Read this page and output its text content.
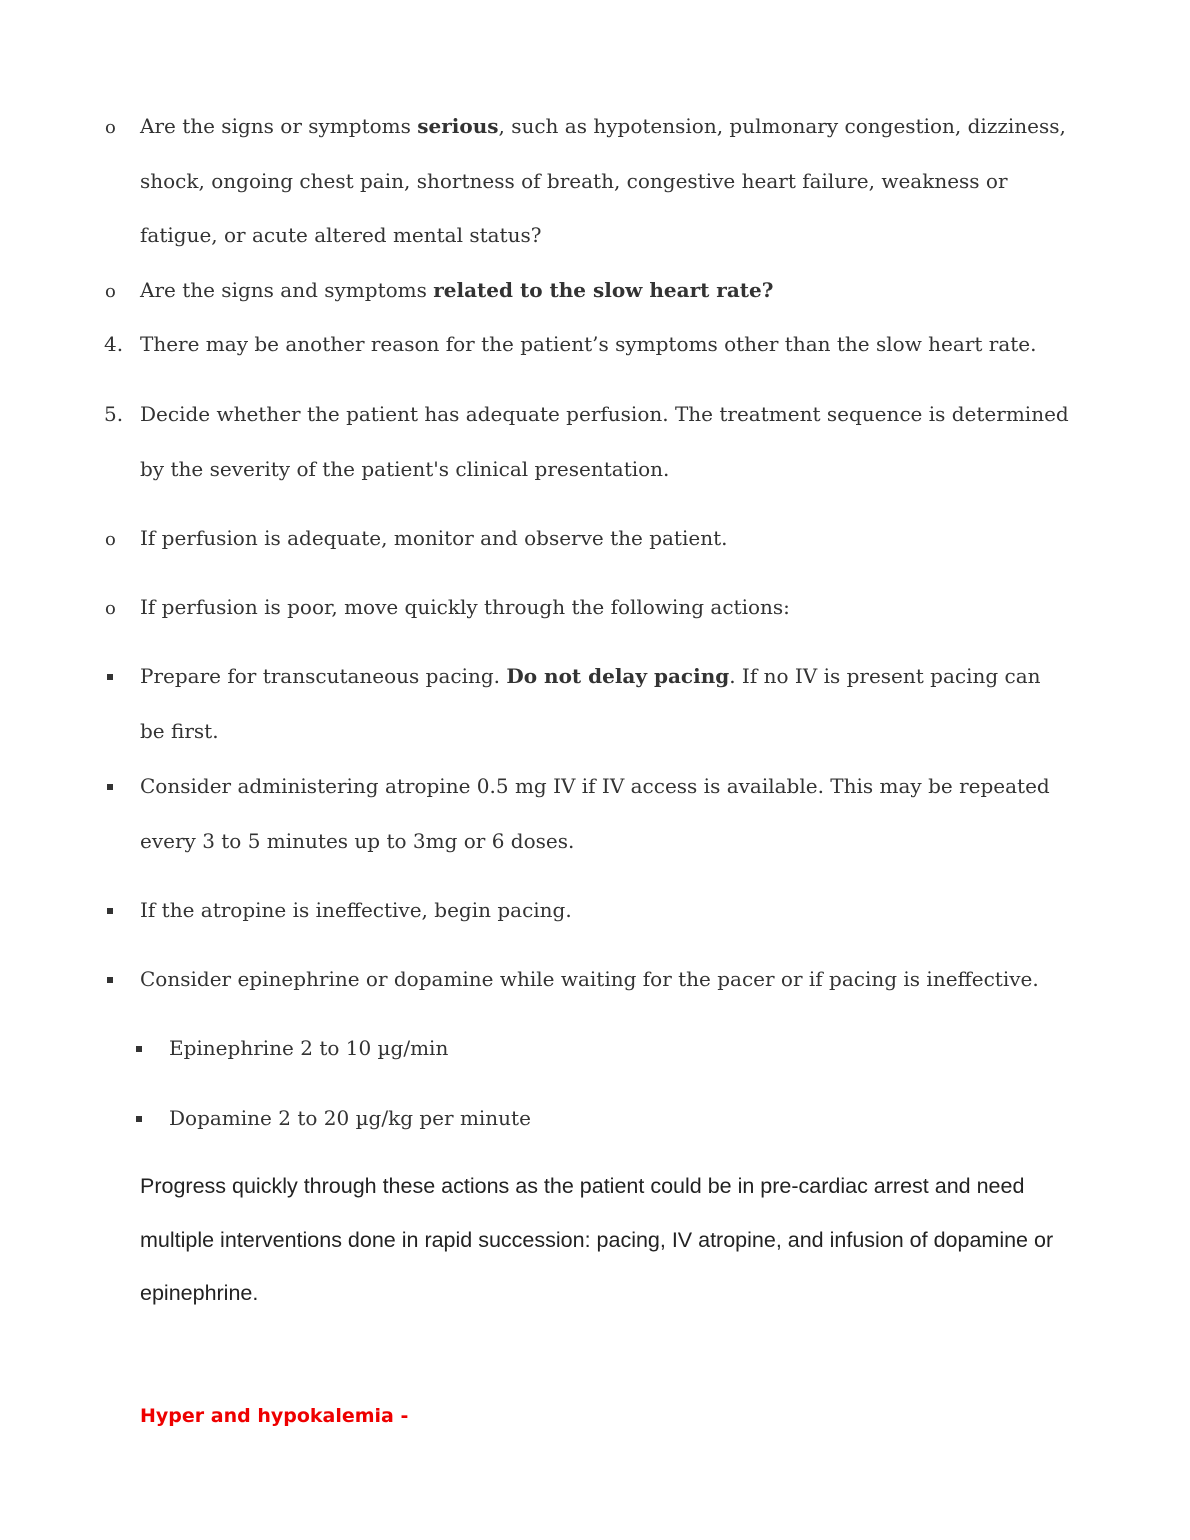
o Are the signs or symptoms serious, such as hypotension, pulmonary congestion, dizziness, shock, ongoing chest pain, shortness of breath, congestive heart failure, weakness or fatigue, or acute altered mental status?
o Are the signs and symptoms related to the slow heart rate?
4. There may be another reason for the patient’s symptoms other than the slow heart rate.
5. Decide whether the patient has adequate perfusion. The treatment sequence is determined by the severity of the patient's clinical presentation.
o If perfusion is adequate, monitor and observe the patient.
o If perfusion is poor, move quickly through the following actions:
Prepare for transcutaneous pacing. Do not delay pacing. If no IV is present pacing can be first.
Consider administering atropine 0.5 mg IV if IV access is available. This may be repeated every 3 to 5 minutes up to 3mg or 6 doses.
If the atropine is ineffective, begin pacing.
Consider epinephrine or dopamine while waiting for the pacer or if pacing is ineffective.
Epinephrine 2 to 10 µg/min
Dopamine 2 to 20 µg/kg per minute
Progress quickly through these actions as the patient could be in pre-cardiac arrest and need multiple interventions done in rapid succession: pacing, IV atropine, and infusion of dopamine or epinephrine.
Hyper and hypokalemia -
